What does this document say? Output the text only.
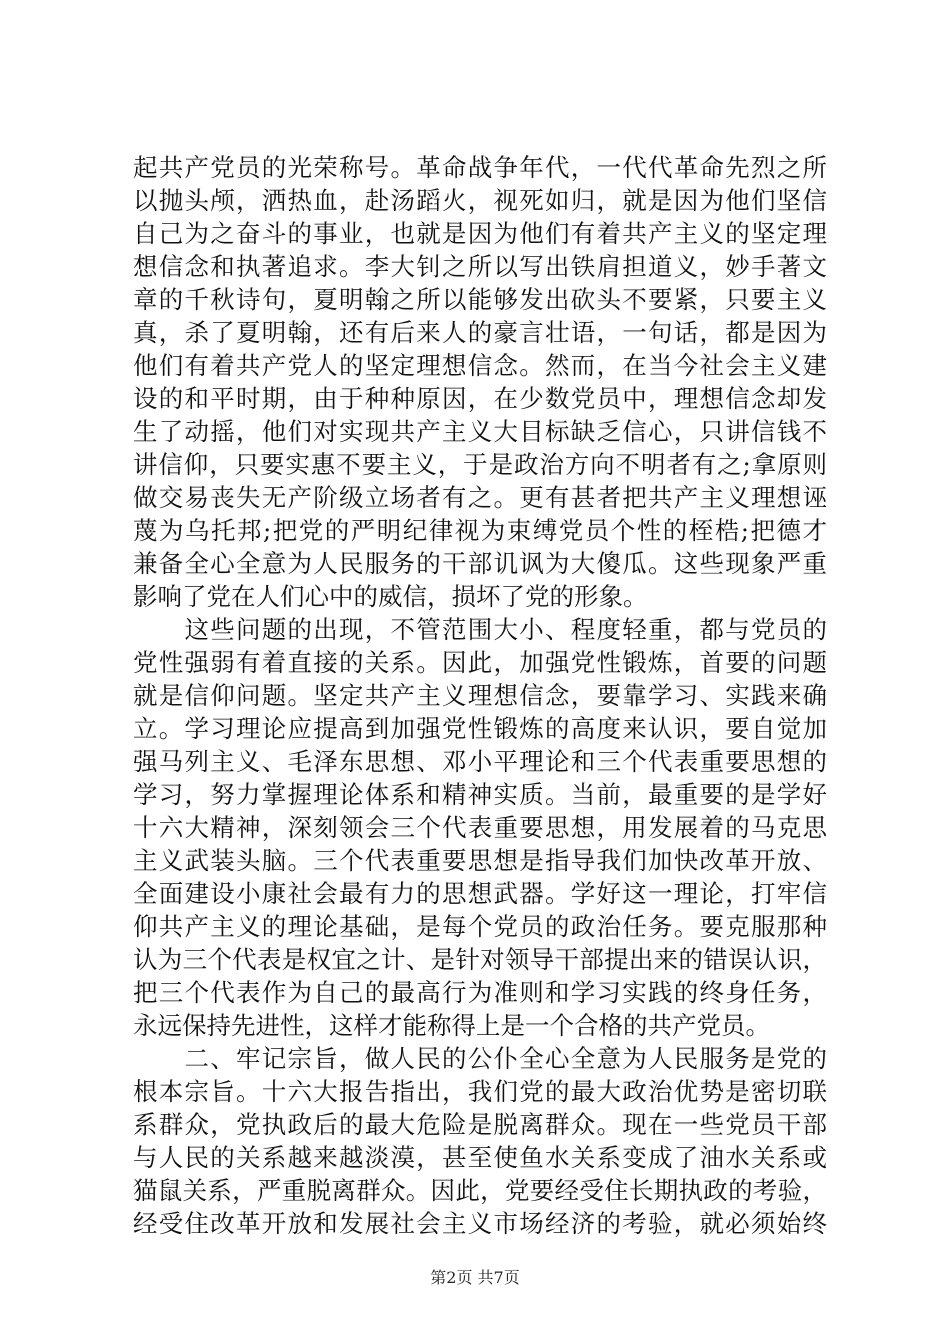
起共产党员的光荣称号。革命战争年代，一代代革命先烈之所
以抛头颅，洒热血，赴汤蹈火，视死如归，就是因为他们坚信
自己为之奋斗的事业，也就是因为他们有着共产主义的坚定理
想信念和执著追求。李大钊之所以写出铁肩担道义，妙手著文
章的千秋诗句，夏明翰之所以能够发出砍头不要紧，只要主义
真，杀了夏明翰，还有后来人的豪言壮语，一句话，都是因为
他们有着共产党人的坚定理想信念。然而，在当今社会主义建
设的和平时期，由于种种原因，在少数党员中，理想信念却发
生了动摇，他们对实现共产主义大目标缺乏信心，只讲信钱不
讲信仰，只要实惠不要主义，于是政治方向不明者有之;拿原则
做交易丧失无产阶级立场者有之。更有甚者把共产主义理想诬
蔑为乌托邦;把党的严明纪律视为束缚党员个性的桎梏;把德才
兼备全心全意为人民服务的干部讥讽为大傻瓜。这些现象严重
影响了党在人们心中的威信，损坏了党的形象。
　　这些问题的出现，不管范围大小、程度轻重，都与党员的
党性强弱有着直接的关系。因此，加强党性锻炼，首要的问题
就是信仰问题。坚定共产主义理想信念，要靠学习、实践来确
立。学习理论应提高到加强党性锻炼的高度来认识，要自觉加
强马列主义、毛泽东思想、邓小平理论和三个代表重要思想的
学习，努力掌握理论体系和精神实质。当前，最重要的是学好
十六大精神，深刻领会三个代表重要思想，用发展着的马克思
主义武装头脑。三个代表重要思想是指导我们加快改革开放、
全面建设小康社会最有力的思想武器。学好这一理论，打牢信
仰共产主义的理论基础，是每个党员的政治任务。要克服那种
认为三个代表是权宜之计、是针对领导干部提出来的错误认识，
把三个代表作为自己的最高行为准则和学习实践的终身任务，
永远保持先进性，这样才能称得上是一个合格的共产党员。
　　二、牢记宗旨，做人民的公仆全心全意为人民服务是党的
根本宗旨。十六大报告指出，我们党的最大政治优势是密切联
系群众，党执政后的最大危险是脱离群众。现在一些党员干部
与人民的关系越来越淡漠，甚至使鱼水关系变成了油水关系或
猫鼠关系，严重脱离群众。因此，党要经受住长期执政的考验，
经受住改革开放和发展社会主义市场经济的考验，就必须始终
第2页 共7页
